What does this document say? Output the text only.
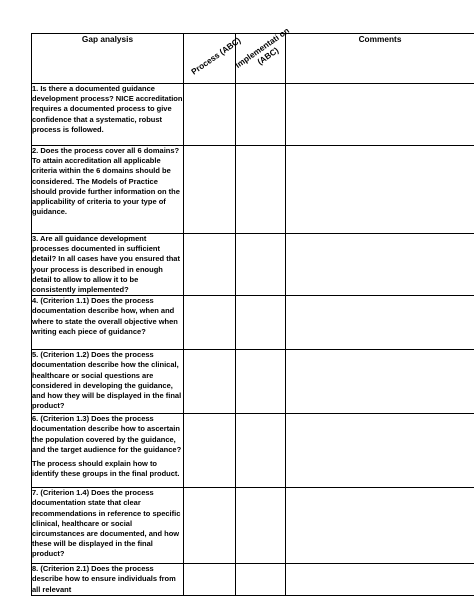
Gap analysis	Process (ABC)	Implementati on (ABC)	Comments

1. Is there a documented guidance development process? NICE accreditation requires a documented process to give confidence that a systematic, robust process is followed.			

2. Does the process cover all 6 domains? To attain accreditation all applicable criteria within the 6 domains should be considered. The Models of Practice should provide further information on the applicability of criteria to your type of guidance.			

3. Are all guidance development processes documented in sufficient detail? In all cases have you ensured that your process is described in enough detail to allow to allow it to be consistently implemented?			

4. (Criterion 1.1) Does the process documentation describe how, when and where to state the overall objective when writing each piece of guidance?			

5. (Criterion 1.2) Does the process documentation describe how the clinical, healthcare or social questions are considered in developing the guidance, and how they will be displayed in the final product?			

6. (Criterion 1.3) Does the process documentation describe how to ascertain the population covered by the guidance, and the target audience for the guidance?

The process should explain how to identify these groups in the final product.			

7. (Criterion 1.4) Does the process documentation state that clear recommendations in reference to specific clinical, healthcare or social circumstances are documented, and how these will be displayed in the final product?			

8. (Criterion 2.1) Does the process describe how to ensure individuals from all relevant			
